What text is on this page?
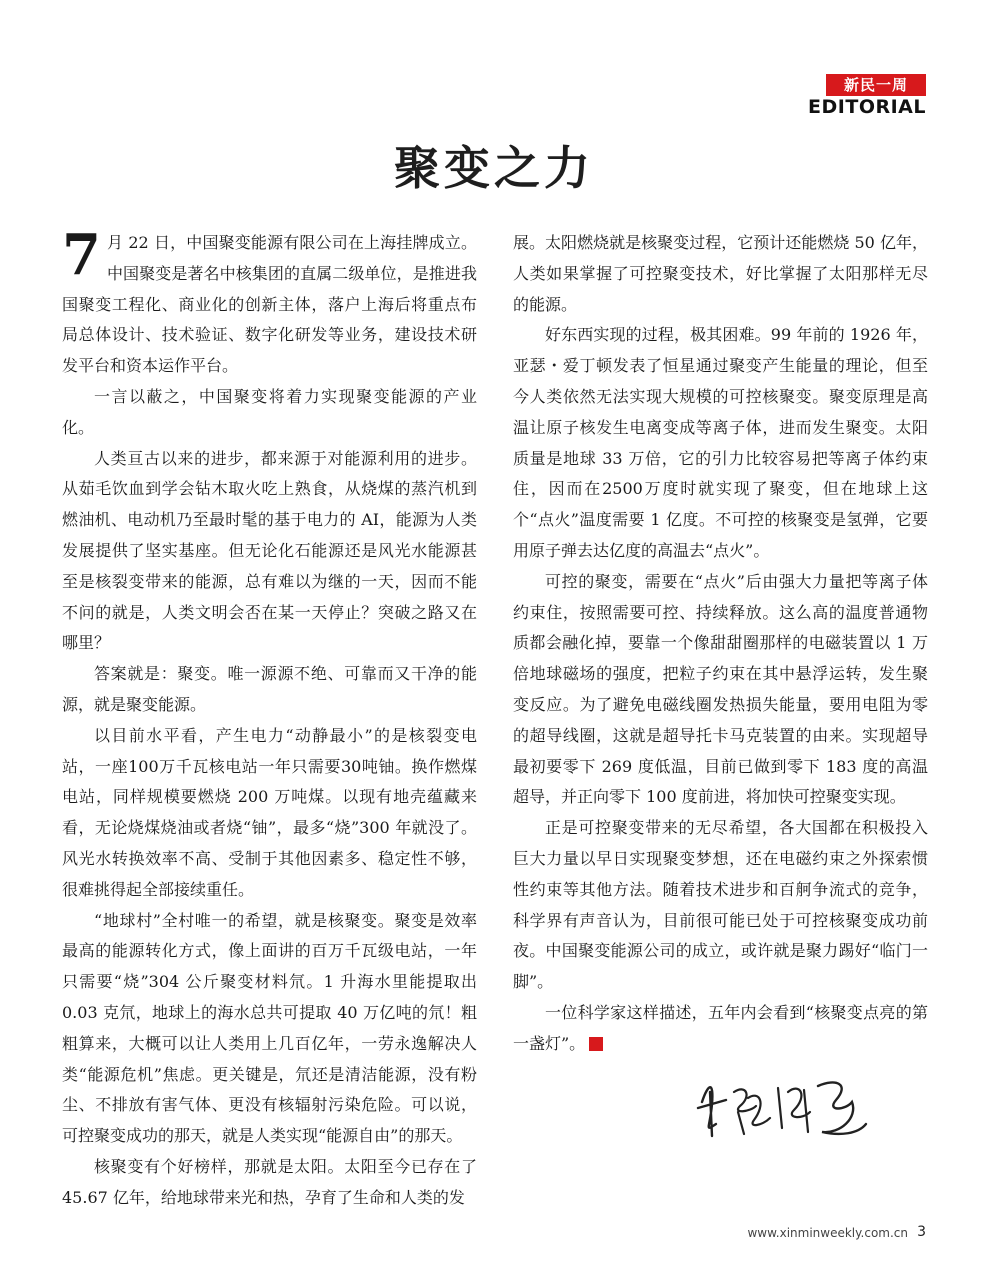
新民一周
EDITORIAL
聚变之力

7 月 22 日，中国聚变能源有限公司在上海挂牌成立。中国聚变是著名中核集团的直属二级单位，是推进我国聚变工程化、商业化的创新主体，落户上海后将重点布局总体设计、技术验证、数字化研发等业务，建设技术研发平台和资本运作平台。

一言以蔽之，中国聚变将着力实现聚变能源的产业化。

人类亘古以来的进步，都来源于对能源利用的进步。从茹毛饮血到学会钻木取火吃上熟食，从烧煤的蒸汽机到燃油机、电动机乃至最时髦的基于电力的 AI，能源为人类发展提供了坚实基座。但无论化石能源还是风光水能源甚至是核裂变带来的能源，总有难以为继的一天，因而不能不问的就是，人类文明会否在某一天停止？突破之路又在哪里？

答案就是：聚变。唯一源源不绝、可靠而又干净的能源，就是聚变能源。

以目前水平看，产生电力“动静最小”的是核裂变电站，一座100万千瓦核电站一年只需要30吨铀。换作燃煤电站，同样规模要燃烧 200 万吨煤。以现有地壳蕴藏来看，无论烧煤烧油或者烧“铀”，最多“烧”300 年就没了。风光水转换效率不高、受制于其他因素多、稳定性不够，很难挑得起全部接续重任。

“地球村”全村唯一的希望，就是核聚变。聚变是效率最高的能源转化方式，像上面讲的百万千瓦级电站，一年只需要“烧”304 公斤聚变材料氘。1 升海水里能提取出 0.03 克氘，地球上的海水总共可提取 40 万亿吨的氘！粗粗算来，大概可以让人类用上几百亿年，一劳永逸解决人类“能源危机”焦虑。更关键是，氘还是清洁能源，没有粉尘、不排放有害气体、更没有核辐射污染危险。可以说，可控聚变成功的那天，就是人类实现“能源自由”的那天。

核聚变有个好榜样，那就是太阳。太阳至今已存在了 45.67 亿年，给地球带来光和热，孕育了生命和人类的发

展。太阳燃烧就是核聚变过程，它预计还能燃烧 50 亿年，人类如果掌握了可控聚变技术，好比掌握了太阳那样无尽的能源。

好东西实现的过程，极其困难。99 年前的 1926 年，亚瑟・爱丁顿发表了恒星通过聚变产生能量的理论，但至今人类依然无法实现大规模的可控核聚变。聚变原理是高温让原子核发生电离变成等离子体，进而发生聚变。太阳质量是地球 33 万倍，它的引力比较容易把等离子体约束住，因而在2500万度时就实现了聚变，但在地球上这个“点火”温度需要 1 亿度。不可控的核聚变是氢弹，它要用原子弹去达亿度的高温去“点火”。

可控的聚变，需要在“点火”后由强大力量把等离子体约束住，按照需要可控、持续释放。这么高的温度普通物质都会融化掉，要靠一个像甜甜圈那样的电磁装置以 1 万倍地球磁场的强度，把粒子约束在其中悬浮运转，发生聚变反应。为了避免电磁线圈发热损失能量，要用电阻为零的超导线圈，这就是超导托卡马克装置的由来。实现超导最初要零下 269 度低温，目前已做到零下 183 度的高温超导，并正向零下 100 度前进，将加快可控聚变实现。

正是可控聚变带来的无尽希望，各大国都在积极投入巨大力量以早日实现聚变梦想，还在电磁约束之外探索惯性约束等其他方法。随着技术进步和百舸争流式的竞争，科学界有声音认为，目前很可能已处于可控核聚变成功前夜。中国聚变能源公司的成立，或许就是聚力踢好“临门一脚”。

一位科学家这样描述，五年内会看到“核聚变点亮的第一盏灯”。	民

www.xinminweekly.com.cn 3
